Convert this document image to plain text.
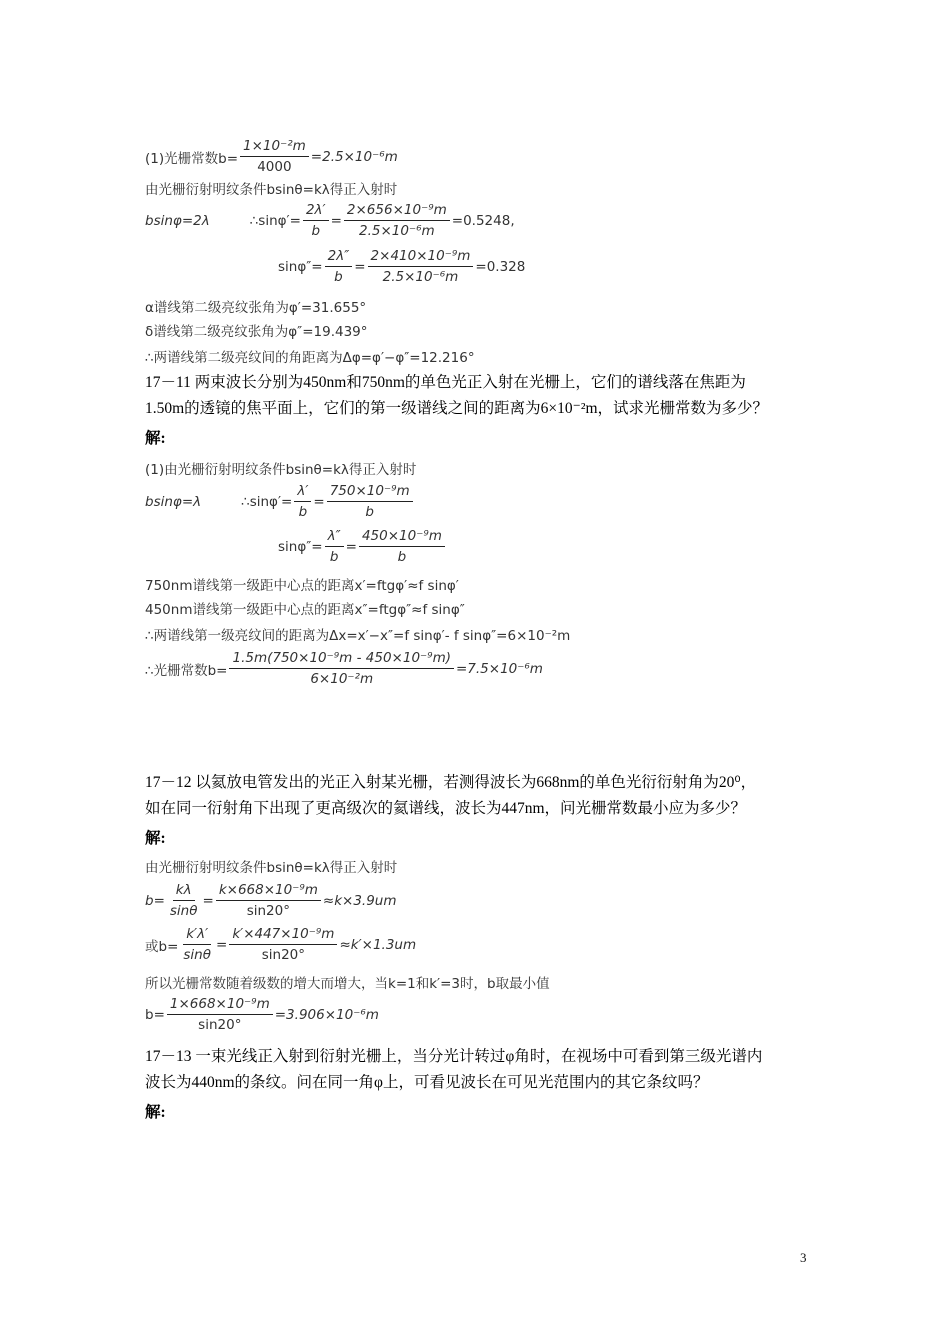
(1)光栅常数$b= \frac{\text{1×10⁻²m}}{4000} =2.5\times 10^{-6}m$
由光栅衍射明纹条件bsinθ=kλ得正入射时
bsinφ=2λ	∴sinφ′= $\frac{2\lambda'}{b} = \frac{\text{2×656×10⁻⁹m}}{\text{2.5×10⁻⁶m}} =0.5248$,
$\sin\varphi''= \frac{2\lambda''}{b} = \frac{\text{2×410×10⁻⁹m}}{\text{2.5×10⁻⁶m}} =0.328$
α谱线第二级亮纹张角为φ′=31.655°
δ谱线第二级亮纹张角为φ″=19.439°
∴两谱线第二级亮纹间的角距离为Δφ=φ′−φ″=12.216°
17－11 两束波长分别为450nm和750nm的单色光正入射在光栅上，它们的谱线落在焦距为
1.50m的透镜的焦平面上，它们的第一级谱线之间的距离为6×10⁻²m，试求光栅常数为多少？
解:
(1)由光栅衍射明纹条件bsinθ=kλ得正入射时
bsinφ=λ	∴sinφ′= $\frac{\lambda'}{b} = \frac{\text{750×10⁻⁹m}}{b}$
$\sin\varphi''= \frac{\lambda''}{b} = \frac{\text{450×10⁻⁹m}}{b}$
750nm谱线第一级距中心点的距离x′=ftgφ′≈f sinφ′
450nm谱线第一级距中心点的距离x″=ftgφ″≈f sinφ″
∴两谱线第一级亮纹间的距离为Δx=x′−x″=f sinφ′- f sinφ″=6×10⁻²m
∴光栅常数$b= \frac{\text{1.5m(750×10⁻⁹m - 450×10⁻⁹m)}}{\text{6×10⁻²m}} =7.5\times 10^{-6}m$
17－12 以氦放电管发出的光正入射某光栅，若测得波长为668nm的单色光衍衍射角为20⁰，
如在同一衍射角下出现了更高级次的氦谱线，波长为447nm，问光栅常数最小应为多少？
解:
由光栅衍射明纹条件bsinθ=kλ得正入射时
$b= \frac{k\lambda}{\sin\theta} = \frac{\text{k×668×10⁻⁹m}}{\sin 20^\circ} \approx k\times 3.9um$
或$b= \frac{k'\lambda'}{\sin\theta} = \frac{\text{k′×447×10⁻⁹m}}{\sin 20^\circ} \approx k'\times 1.3um$
所以光栅常数随着级数的增大而增大，当k=1和k′=3时，b取最小值
$b= \frac{\text{1×668×10⁻⁹m}}{\sin 20^\circ} =3.906\times 10^{-6}m$
17－13 一束光线正入射到衍射光栅上，当分光计转过φ角时，在视场中可看到第三级光谱内
波长为440nm的条纹。问在同一角φ上，可看见波长在可见光范围内的其它条纹吗？
解:
3
